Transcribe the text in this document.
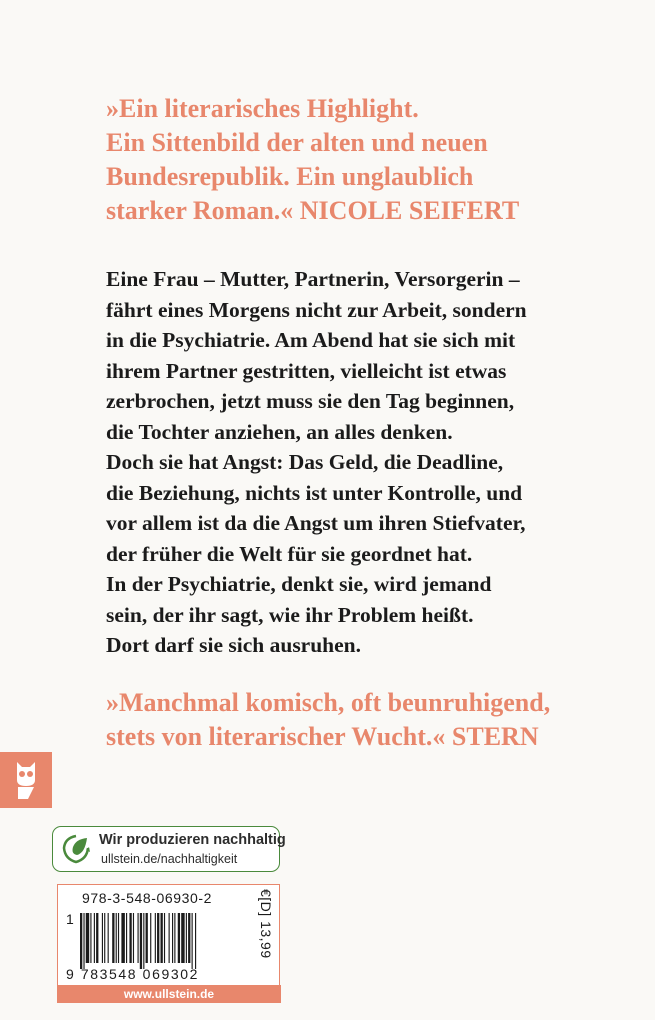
»Ein literarisches Highlight.
Ein Sittenbild der alten und neuen
Bundesrepublik. Ein unglaublich
starker Roman.« NICOLE SEIFERT
Eine Frau – Mutter, Partnerin, Versorgerin –
fährt eines Morgens nicht zur Arbeit, sondern
in die Psychiatrie. Am Abend hat sie sich mit
ihrem Partner gestritten, vielleicht ist etwas
zerbrochen, jetzt muss sie den Tag beginnen,
die Tochter anziehen, an alles denken.
Doch sie hat Angst: Das Geld, die Deadline,
die Beziehung, nichts ist unter Kontrolle, und
vor allem ist da die Angst um ihren Stiefvater,
der früher die Welt für sie geordnet hat.
In der Psychiatrie, denkt sie, wird jemand
sein, der ihr sagt, wie ihr Problem heißt.
Dort darf sie sich ausruhen.
»Manchmal komisch, oft beunruhigend,
stets von literarischer Wucht.« STERN
Wir produzieren nachhaltig
ullstein.de/nachhaltigkeit
978-3-548-06930-2
1
9 783548 069302
€[D] 13,99
www.ullstein.de
